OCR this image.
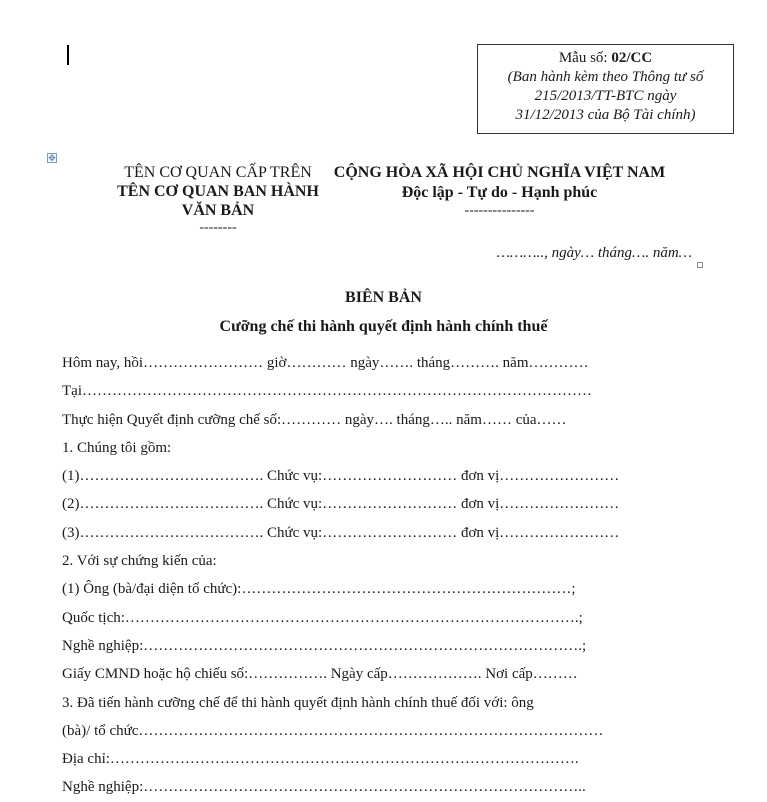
Mẫu số: 02/CC
(Ban hành kèm theo Thông tư số
215/2013/TT-BTC ngày
31/12/2013 của Bộ Tài chính)
✥
TÊN CƠ QUAN CẤP TRÊN
TÊN CƠ QUAN BAN HÀNH
VĂN BẢN
--------
CỘNG HÒA XÃ HỘI CHỦ NGHĨA VIỆT NAM
Độc lập - Tự do - Hạnh phúc
---------------
……….., ngày… tháng…. năm…
BIÊN BẢN
Cưỡng chế thi hành quyết định hành chính thuế
Hôm nay, hồi…………………… giờ………… ngày……. tháng………. năm…………
Tại…………………………………………………………………………………………
Thực hiện Quyết định cưỡng chế số:………… ngày…. tháng….. năm…… của……
1. Chúng tôi gồm:
(1)………………………………. Chức vụ:……………………… đơn vị……………………
(2)………………………………. Chức vụ:……………………… đơn vị……………………
(3)………………………………. Chức vụ:……………………… đơn vị……………………
2. Với sự chứng kiến của:
(1) Ông (bà/đại diện tổ chức):…………………………………………………………;
Quốc tịch:……………………………………………………………………………….;
Nghề nghiệp:…………………………………………………………………………….;
Giấy CMND hoặc hộ chiếu số:……………. Ngày cấp………………. Nơi cấp………
3. Đã tiến hành cưỡng chế để thi hành quyết định hành chính thuế đối với: ông
(bà)/ tổ chức…………………………………………………………………………………
Địa chỉ:………………………………………………………………………………….
Nghề nghiệp:……………………………………………………………………………..
